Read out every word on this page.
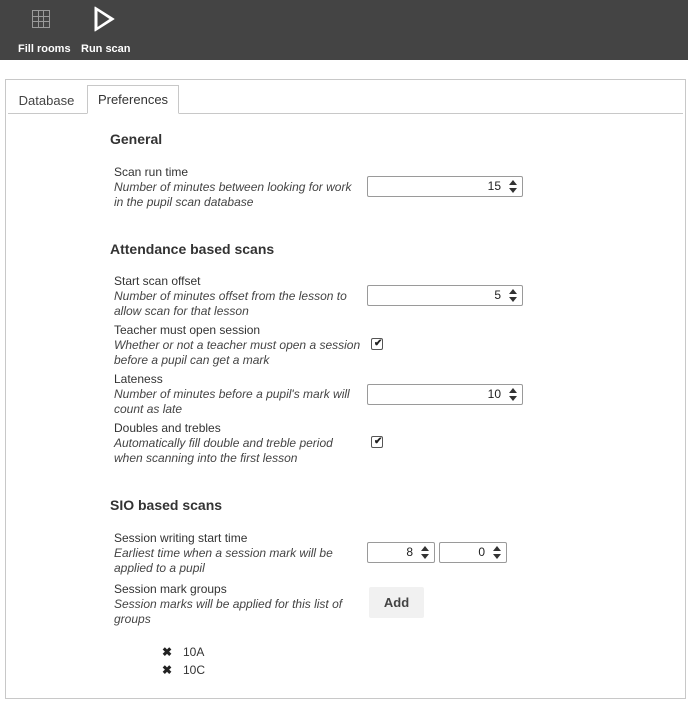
Fill rooms Run scan
Database	Preferences
General
Scan run time
Number of minutes between looking for work
in the pupil scan database
15
Attendance based scans
Start scan offset
Number of minutes offset from the lesson to
allow scan for that lesson
5
Teacher must open session
Whether or not a teacher must open a session
before a pupil can get a mark
✔
Lateness
Number of minutes before a pupil's mark will
count as late
10
Doubles and trebles
Automatically fill double and treble period
when scanning into the first lesson
✔
SIO based scans
Session writing start time
Earliest time when a session mark will be
applied to a pupil
8	0
Session mark groups
Session marks will be applied for this list of
groups
Add
✖ 10A
✖ 10C
